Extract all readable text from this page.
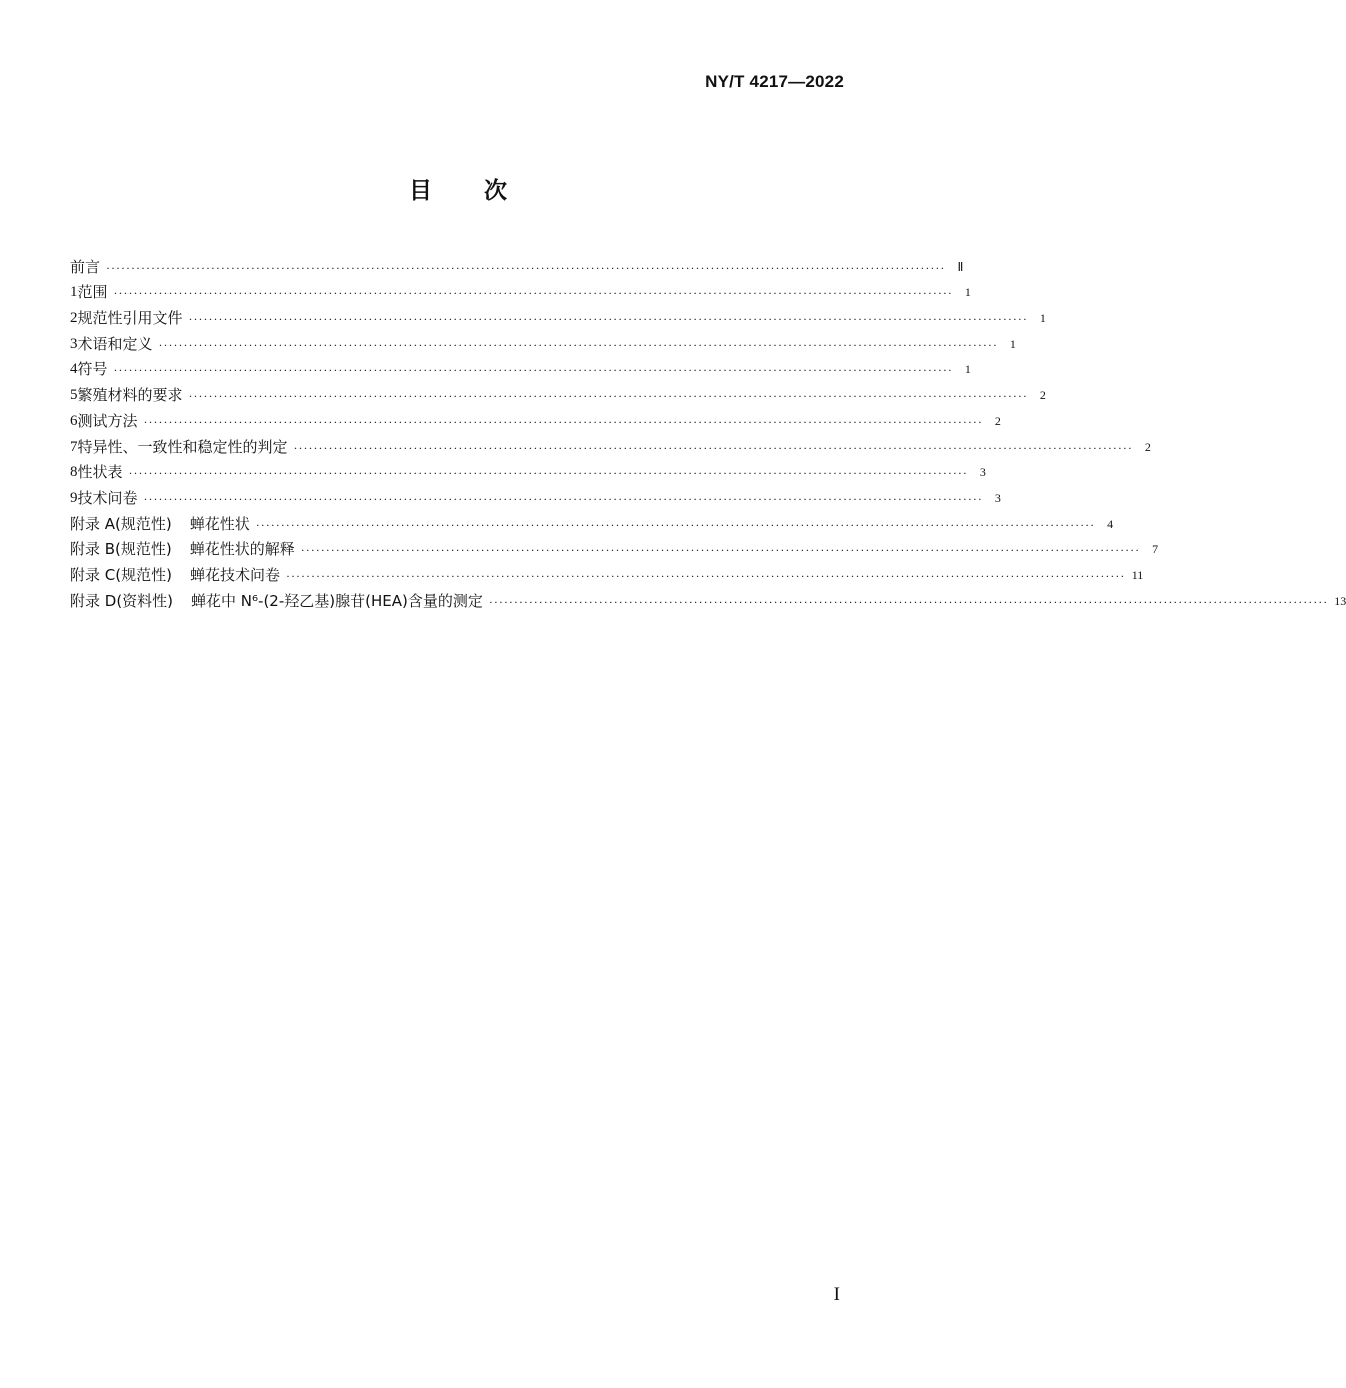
NY/T 4217—2022
目 次
前言 ········································································································································································	Ⅱ
1 范围 ········································································································································································	1
2 规范性引用文件 ········································································································································································	1
3 术语和定义 ········································································································································································	1
4 符号 ········································································································································································	1
5 繁殖材料的要求 ········································································································································································	2
6 测试方法 ········································································································································································	2
7 特异性、一致性和稳定性的判定 ········································································································································································	2
8 性状表 ········································································································································································	3
9 技术问卷 ········································································································································································	3
附录 A(规范性) 蝉花性状 ········································································································································································	4
附录 B(规范性) 蝉花性状的解释 ········································································································································································	7
附录 C(规范性) 蝉花技术问卷 ········································································································································································ 11
附录 D(资料性) 蝉花中 N⁶-(2-羟乙基)腺苷(HEA)含量的测定 ········································································································································································ 13
I
